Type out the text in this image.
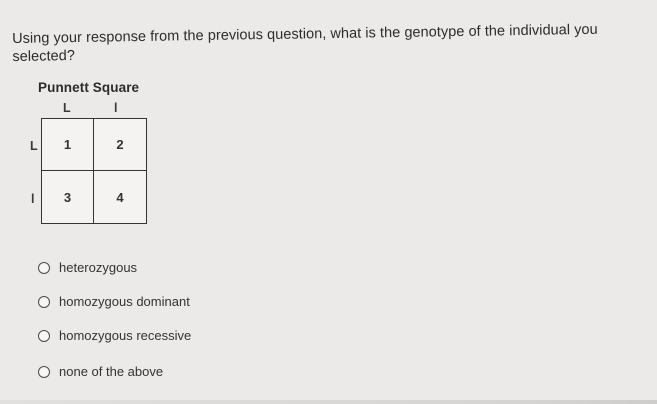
Using your response from the previous question, what is the genotype of the individual you selected?
Punnett Square
L	l
L
l
1	2
3	4
heterozygous
homozygous dominant
homozygous recessive
none of the above
